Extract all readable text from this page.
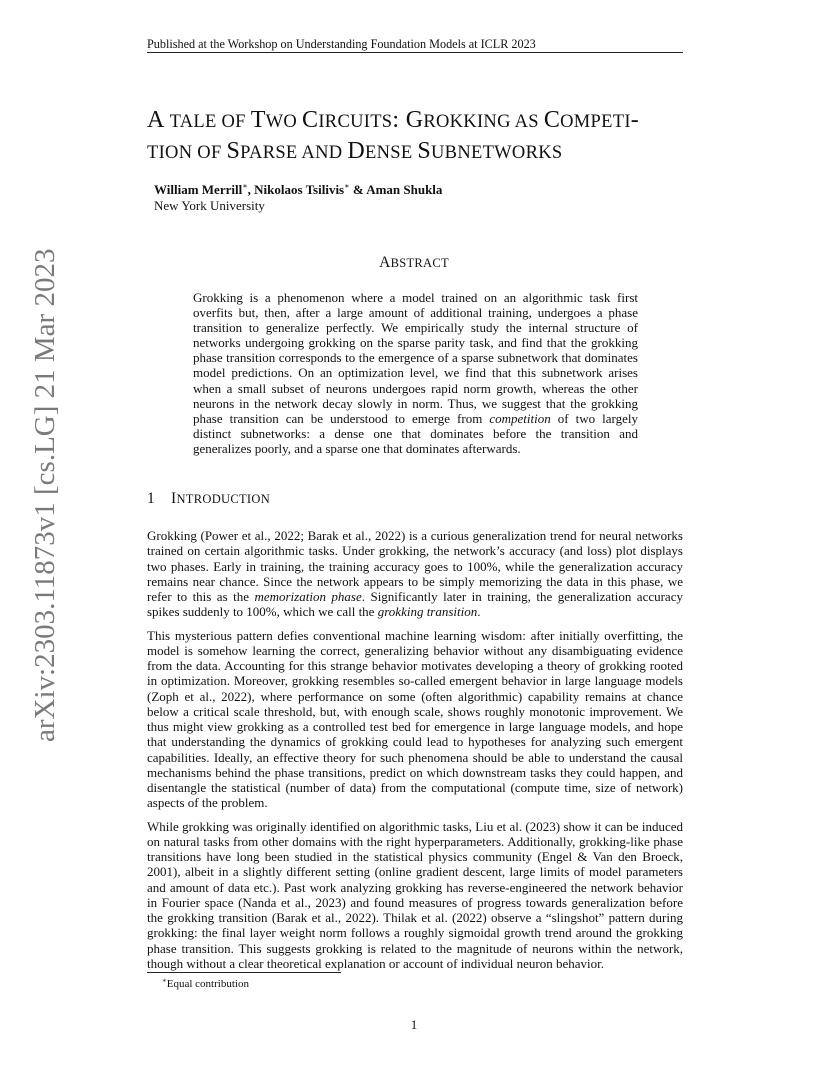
Published at the Workshop on Understanding Foundation Models at ICLR 2023
arXiv:2303.11873v1 [cs.LG] 21 Mar 2023
A TALE OF TWO CIRCUITS: GROKKING AS COMPETI-
TION OF SPARSE AND DENSE SUBNETWORKS
William Merrill∗, Nikolaos Tsilivis∗ & Aman Shukla
New York University
ABSTRACT
Grokking is a phenomenon where a model trained on an algorithmic task first overfits but, then, after a large amount of additional training, undergoes a phase transition to generalize perfectly. We empirically study the internal structure of networks undergoing grokking on the sparse parity task, and find that the grokking phase transition corresponds to the emergence of a sparse subnetwork that dominates model predictions. On an optimization level, we find that this subnetwork arises when a small subset of neurons undergoes rapid norm growth, whereas the other neurons in the network decay slowly in norm. Thus, we suggest that the grokking phase transition can be understood to emerge from competition of two largely distinct subnetworks: a dense one that dominates before the transition and generalizes poorly, and a sparse one that dominates afterwards.
1 INTRODUCTION

Grokking (Power et al., 2022; Barak et al., 2022) is a curious generalization trend for neural networks trained on certain algorithmic tasks. Under grokking, the network’s accuracy (and loss) plot displays two phases. Early in training, the training accuracy goes to 100%, while the generalization accuracy remains near chance. Since the network appears to be simply memorizing the data in this phase, we refer to this as the memorization phase. Significantly later in training, the generalization accuracy spikes suddenly to 100%, which we call the grokking transition.

This mysterious pattern defies conventional machine learning wisdom: after initially overfitting, the model is somehow learning the correct, generalizing behavior without any disambiguating evidence from the data. Accounting for this strange behavior motivates developing a theory of grokking rooted in optimization. Moreover, grokking resembles so-called emergent behavior in large language models (Zoph et al., 2022), where performance on some (often algorithmic) capability remains at chance below a critical scale threshold, but, with enough scale, shows roughly monotonic improvement. We thus might view grokking as a controlled test bed for emergence in large language models, and hope that understanding the dynamics of grokking could lead to hypotheses for analyzing such emergent capabilities. Ideally, an effective theory for such phenomena should be able to understand the causal mechanisms behind the phase transitions, predict on which downstream tasks they could happen, and disentangle the statistical (number of data) from the computational (compute time, size of network) aspects of the problem.

While grokking was originally identified on algorithmic tasks, Liu et al. (2023) show it can be induced on natural tasks from other domains with the right hyperparameters. Additionally, grokking-like phase transitions have long been studied in the statistical physics community (Engel & Van den Broeck, 2001), albeit in a slightly different setting (online gradient descent, large limits of model parameters and amount of data etc.). Past work analyzing grokking has reverse-engineered the network behavior in Fourier space (Nanda et al., 2023) and found measures of progress towards generalization before the grokking transition (Barak et al., 2022). Thilak et al. (2022) observe a “slingshot” pattern during grokking: the final layer weight norm follows a roughly sigmoidal growth trend around the grokking phase transition. This suggests grokking is related to the magnitude of neurons within the network, though without a clear theoretical explanation or account of individual neuron behavior.

∗Equal contribution
1
